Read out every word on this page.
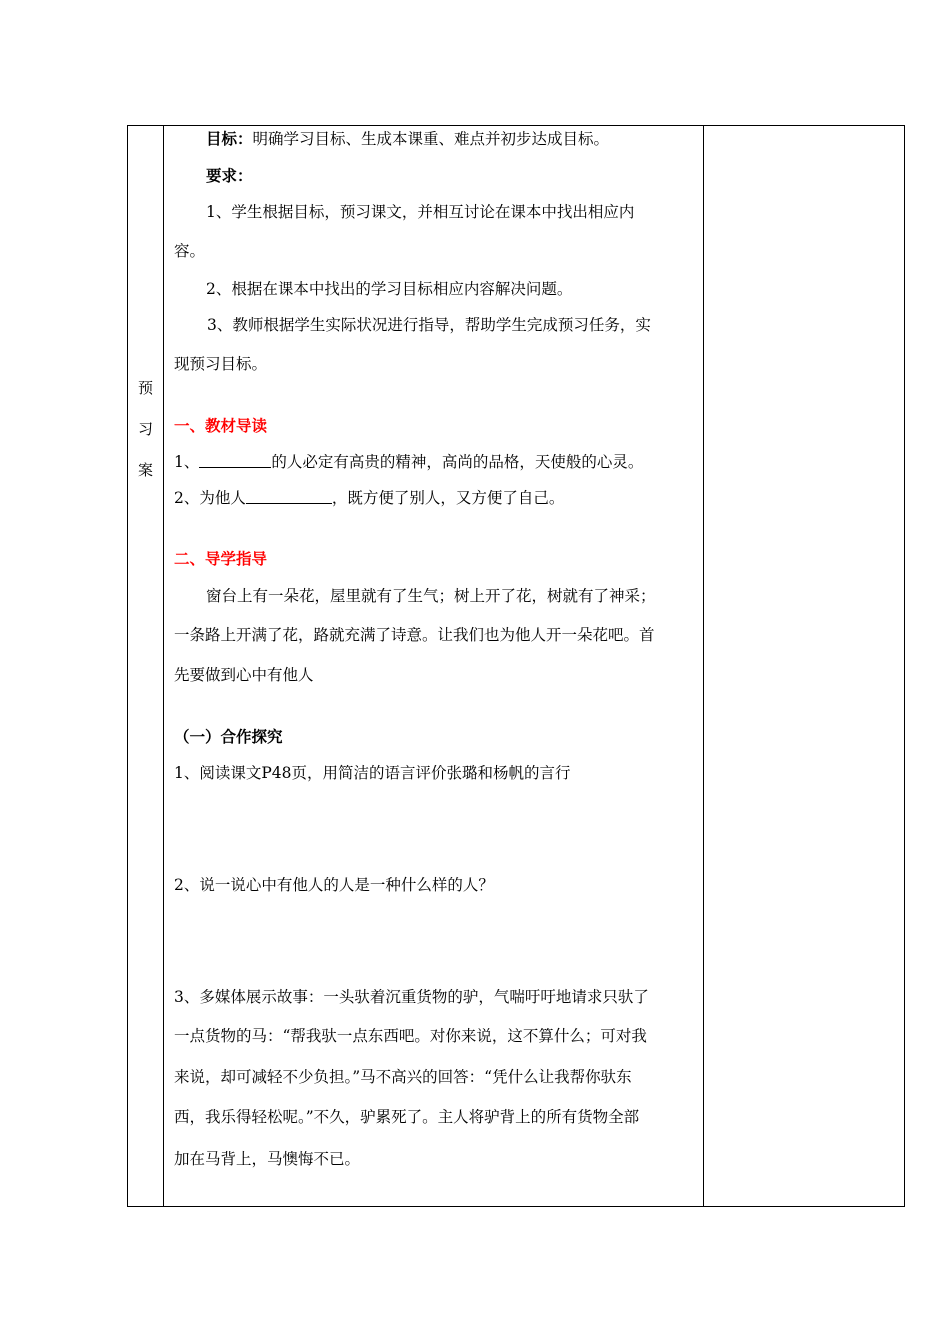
预
习
案
目标：明确学习目标、生成本课重、难点并初步达成目标。
要求：
1、学生根据目标，预习课文，并相互讨论在课本中找出相应内
容。
2、根据在课本中找出的学习目标相应内容解决问题。
3、教师根据学生实际状况进行指导，帮助学生完成预习任务，实
现预习目标。
一、教材导读
1、	的人必定有高贵的精神，高尚的品格，天使般的心灵。
2、为他人	，既方便了别人，又方便了自己。
二、导学指导
窗台上有一朵花，屋里就有了生气；树上开了花，树就有了神采；
一条路上开满了花，路就充满了诗意。让我们也为他人开一朵花吧。首
先要做到心中有他人
（一）合作探究
1、阅读课文P48页，用简洁的语言评价张璐和杨帆的言行
2、说一说心中有他人的人是一种什么样的人？
3、多媒体展示故事：一头驮着沉重货物的驴，气喘吁吁地请求只驮了
一点货物的马：“帮我驮一点东西吧。对你来说，这不算什么；可对我
来说，却可减轻不少负担。”马不高兴的回答：“凭什么让我帮你驮东
西，我乐得轻松呢。”不久，驴累死了。主人将驴背上的所有货物全部
加在马背上，马懊悔不已。
